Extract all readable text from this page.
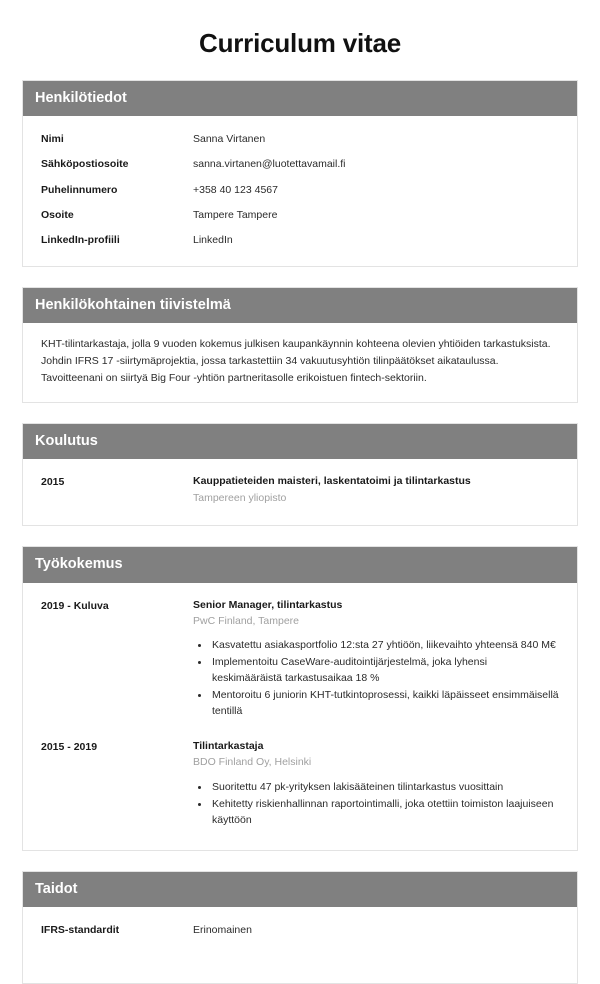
Curriculum vitae
Henkilötiedot
Nimi	Sanna Virtanen
Sähköpostiosoite	sanna.virtanen@luotettavamail.fi
Puhelinnumero	+358 40 123 4567
Osoite	Tampere Tampere
LinkedIn-profiili	LinkedIn
Henkilökohtainen tiivistelmä
KHT-tilintarkastaja, jolla 9 vuoden kokemus julkisen kaupankäynnin kohteena olevien yhtiöiden tarkastuksista. Johdin IFRS 17 -siirtymäprojektia, jossa tarkastettiin 34 vakuutusyhtiön tilinpäätökset aikataulussa. Tavoitteenani on siirtyä Big Four -yhtiön partneritasolle erikoistuen fintech-sektoriin.
Koulutus
2015	Kauppatieteiden maisteri, laskentatoimi ja tilintarkastus
Tampereen yliopisto
Työkokemus
2019 - Kuluva	Senior Manager, tilintarkastus
PwC Finland, Tampere
• Kasvatettu asiakasportfolio 12:sta 27 yhtiöön, liikevaihto yhteensä 840 M€
• Implementoitu CaseWare-auditointijärjestelmä, joka lyhensi keskimääräistä tarkastusaikaa 18 %
• Mentoroitu 6 juniorin KHT-tutkintoprosessi, kaikki läpäisseet ensimmäisellä tentillä
2015 - 2019	Tilintarkastaja
BDO Finland Oy, Helsinki
• Suoritettu 47 pk-yrityksen lakisääteinen tilintarkastus vuosittain
• Kehitetty riskienhallinnan raportointimalli, joka otettiin toimiston laajuiseen käyttöön
Taidot
IFRS-standardit	Erinomainen
